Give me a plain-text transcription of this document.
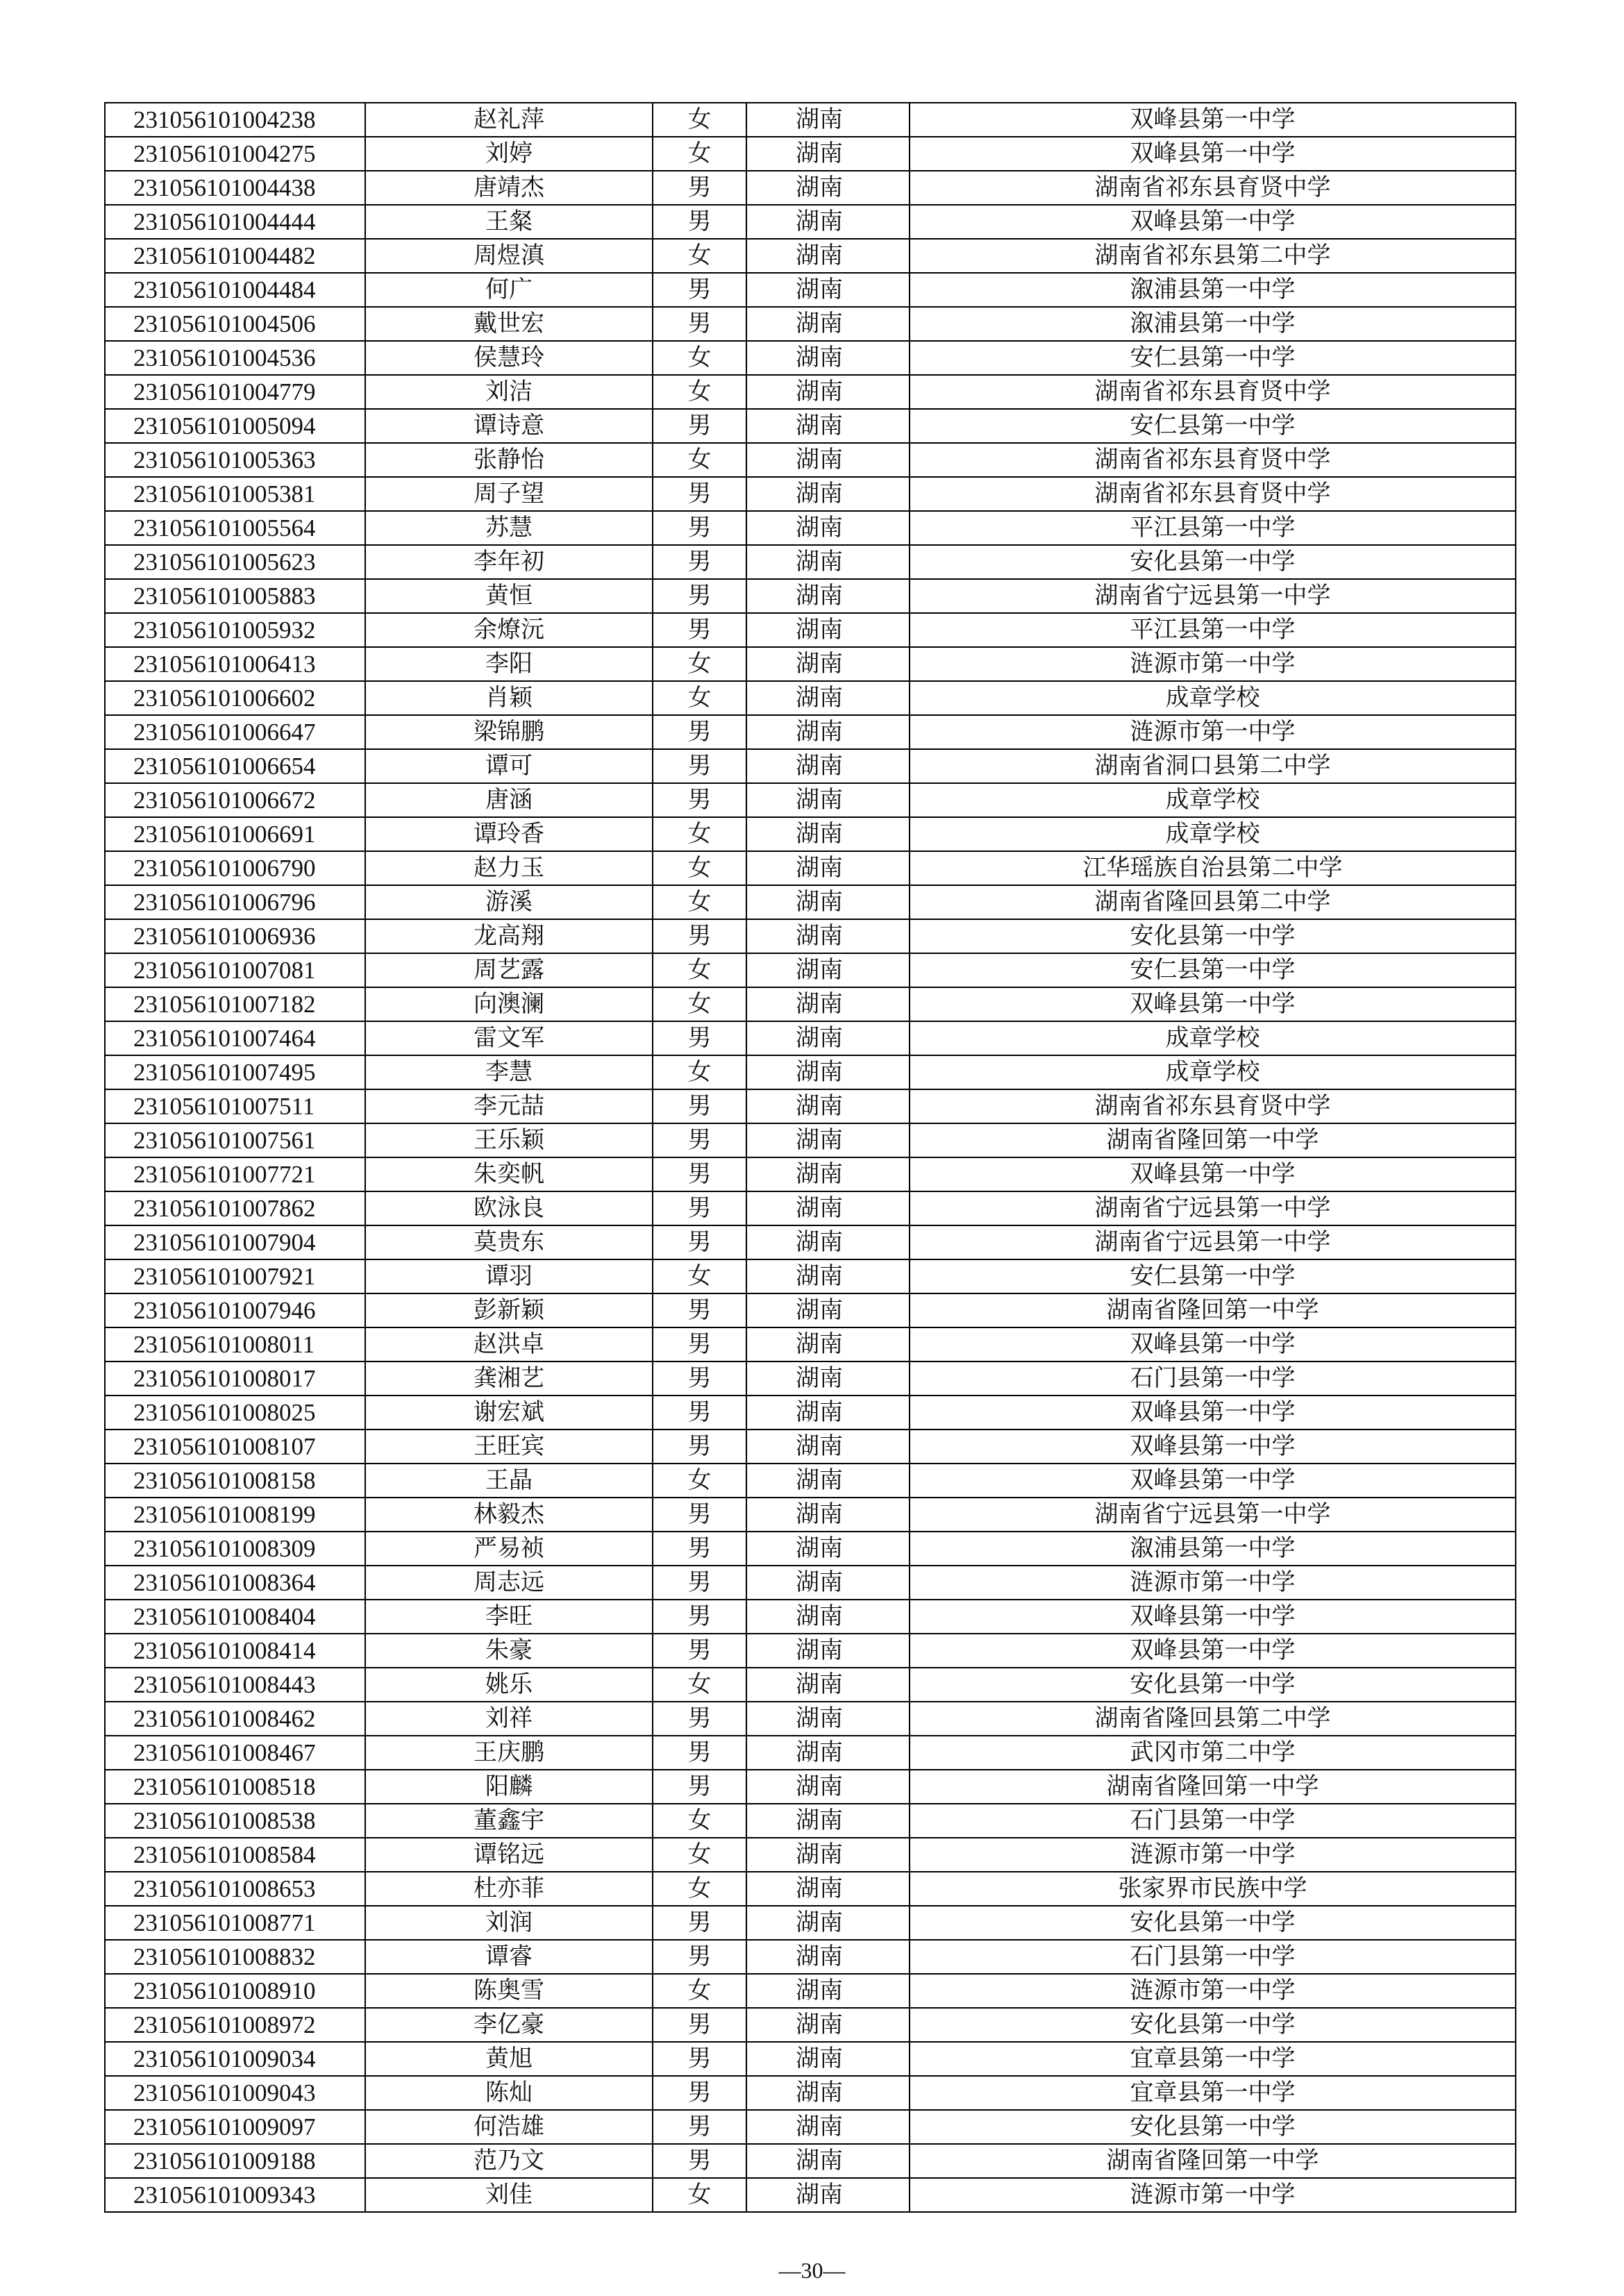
231056101004238	赵礼萍	女	湖南	双峰县第一中学
231056101004275	刘婷	女	湖南	双峰县第一中学
231056101004438	唐靖杰	男	湖南	湖南省祁东县育贤中学
231056101004444	王粲	男	湖南	双峰县第一中学
231056101004482	周煜滇	女	湖南	湖南省祁东县第二中学
231056101004484	何广	男	湖南	溆浦县第一中学
231056101004506	戴世宏	男	湖南	溆浦县第一中学
231056101004536	侯慧玲	女	湖南	安仁县第一中学
231056101004779	刘洁	女	湖南	湖南省祁东县育贤中学
231056101005094	谭诗意	男	湖南	安仁县第一中学
231056101005363	张静怡	女	湖南	湖南省祁东县育贤中学
231056101005381	周子望	男	湖南	湖南省祁东县育贤中学
231056101005564	苏慧	男	湖南	平江县第一中学
231056101005623	李年初	男	湖南	安化县第一中学
231056101005883	黄恒	男	湖南	湖南省宁远县第一中学
231056101005932	余燎沅	男	湖南	平江县第一中学
231056101006413	李阳	女	湖南	涟源市第一中学
231056101006602	肖颖	女	湖南	成章学校
231056101006647	梁锦鹏	男	湖南	涟源市第一中学
231056101006654	谭可	男	湖南	湖南省洞口县第二中学
231056101006672	唐涵	男	湖南	成章学校
231056101006691	谭玲香	女	湖南	成章学校
231056101006790	赵力玉	女	湖南	江华瑶族自治县第二中学
231056101006796	游溪	女	湖南	湖南省隆回县第二中学
231056101006936	龙高翔	男	湖南	安化县第一中学
231056101007081	周艺露	女	湖南	安仁县第一中学
231056101007182	向澳澜	女	湖南	双峰县第一中学
231056101007464	雷文军	男	湖南	成章学校
231056101007495	李慧	女	湖南	成章学校
231056101007511	李元喆	男	湖南	湖南省祁东县育贤中学
231056101007561	王乐颖	男	湖南	湖南省隆回第一中学
231056101007721	朱奕帆	男	湖南	双峰县第一中学
231056101007862	欧泳良	男	湖南	湖南省宁远县第一中学
231056101007904	莫贵东	男	湖南	湖南省宁远县第一中学
231056101007921	谭羽	女	湖南	安仁县第一中学
231056101007946	彭新颖	男	湖南	湖南省隆回第一中学
231056101008011	赵洪卓	男	湖南	双峰县第一中学
231056101008017	龚湘艺	男	湖南	石门县第一中学
231056101008025	谢宏斌	男	湖南	双峰县第一中学
231056101008107	王旺宾	男	湖南	双峰县第一中学
231056101008158	王晶	女	湖南	双峰县第一中学
231056101008199	林毅杰	男	湖南	湖南省宁远县第一中学
231056101008309	严易祯	男	湖南	溆浦县第一中学
231056101008364	周志远	男	湖南	涟源市第一中学
231056101008404	李旺	男	湖南	双峰县第一中学
231056101008414	朱豪	男	湖南	双峰县第一中学
231056101008443	姚乐	女	湖南	安化县第一中学
231056101008462	刘祥	男	湖南	湖南省隆回县第二中学
231056101008467	王庆鹏	男	湖南	武冈市第二中学
231056101008518	阳麟	男	湖南	湖南省隆回第一中学
231056101008538	董鑫宇	女	湖南	石门县第一中学
231056101008584	谭铭远	女	湖南	涟源市第一中学
231056101008653	杜亦菲	女	湖南	张家界市民族中学
231056101008771	刘润	男	湖南	安化县第一中学
231056101008832	谭睿	男	湖南	石门县第一中学
231056101008910	陈奥雪	女	湖南	涟源市第一中学
231056101008972	李亿豪	男	湖南	安化县第一中学
231056101009034	黄旭	男	湖南	宜章县第一中学
231056101009043	陈灿	男	湖南	宜章县第一中学
231056101009097	何浩雄	男	湖南	安化县第一中学
231056101009188	范乃文	男	湖南	湖南省隆回第一中学
231056101009343	刘佳	女	湖南	涟源市第一中学
—30—
